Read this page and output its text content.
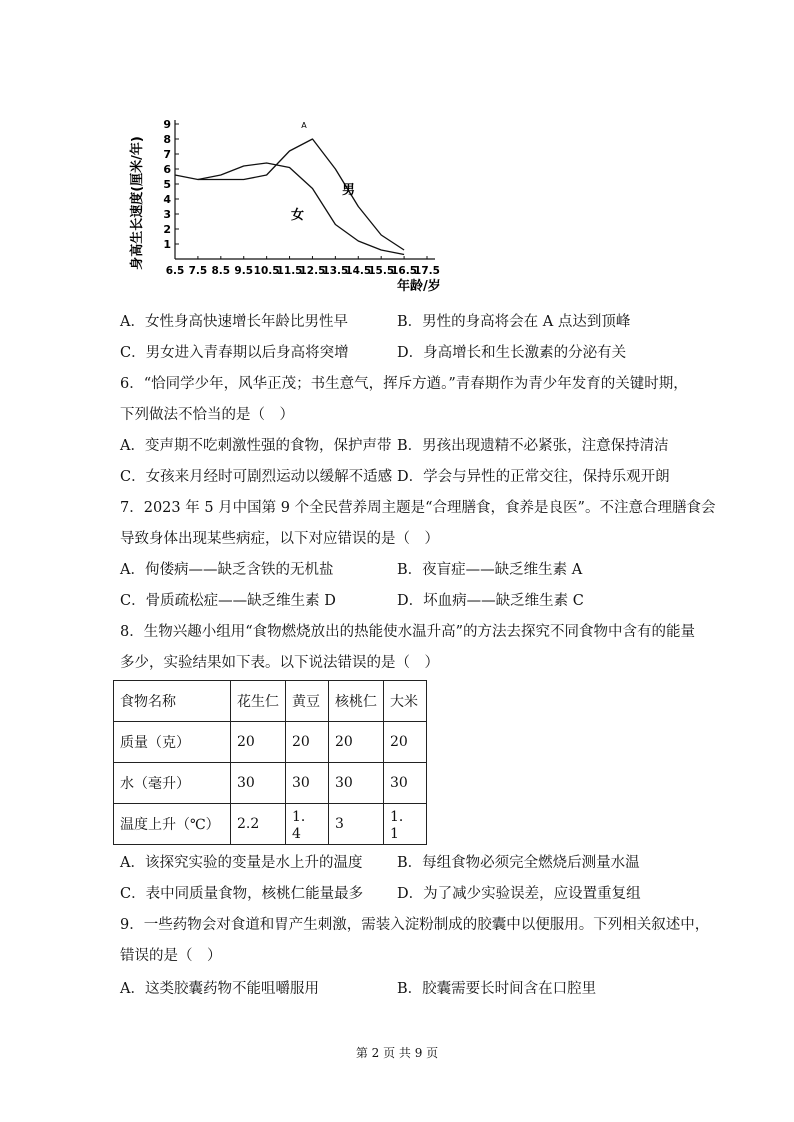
1
2
3
4
5
6
7
8
9
6.5 7.5 8.5 9.5 10.5
11.5
12.5
13.5
14.5
15.5
16.5
17.5
身高生长速度(厘米/年)
年龄/岁
A
男
女
A．女性身高快速增长年龄比男性早	B．男性的身高将会在 A 点达到顶峰
C．男女进入青春期以后身高将突增	D．身高增长和生长激素的分泌有关
6．“恰同学少年，风华正茂；书生意气，挥斥方遒。”青春期作为青少年发育的关键时期，
下列做法不恰当的是（　）
A．变声期不吃刺激性强的食物，保护声带 B．男孩出现遗精不必紧张，注意保持清洁
C．女孩来月经时可剧烈运动以缓解不适感 D．学会与异性的正常交往，保持乐观开朗
7．2023 年 5 月中国第 9 个全民营养周主题是“合理膳食，食养是良医”。不注意合理膳食会
导致身体出现某些病症，以下对应错误的是（　）
A．佝偻病——缺乏含铁的无机盐	B．夜盲症——缺乏维生素 A
C．骨质疏松症——缺乏维生素 D	D．坏血病——缺乏维生素 C
8．生物兴趣小组用“食物燃烧放出的热能使水温升高”的方法去探究不同食物中含有的能量
多少，实验结果如下表。以下说法错误的是（　）
食物名称	花生仁	黄豆	核桃仁	大米
质量（克）	20	20	20	20
水（毫升）	30	30	30	30
温度上升（℃）	2.2	1．4	3	1．1
A．该探究实验的变量是水上升的温度 B．每组食物必须完全燃烧后测量水温
C．表中同质量食物，核桃仁能量最多 D．为了减少实验误差，应设置重复组
9．一些药物会对食道和胃产生刺激，需装入淀粉制成的胶囊中以便服用。下列相关叙述中，
错误的是（　）
A．这类胶囊药物不能咀嚼服用	B．胶囊需要长时间含在口腔里
第 2 页 共 9 页
